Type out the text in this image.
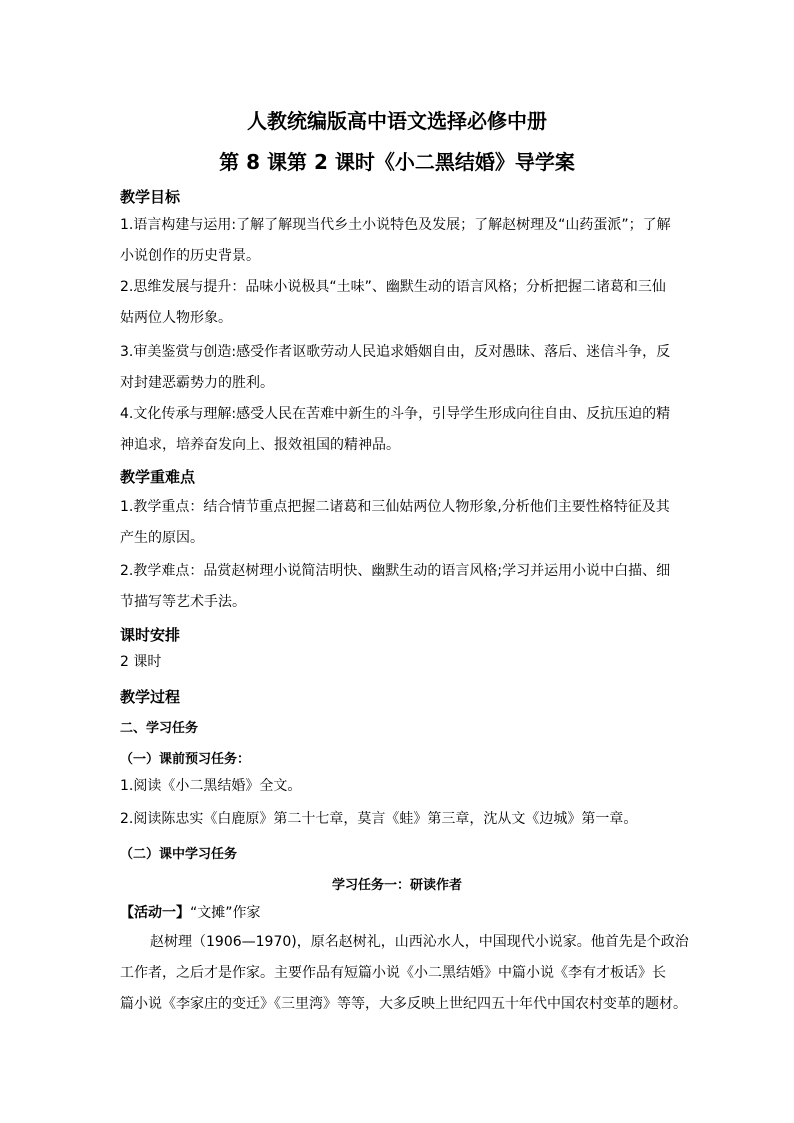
人教统编版高中语文选择必修中册
第 8 课第 2 课时《小二黑结婚》导学案
教学目标
1.语言构建与运用:了解了解现当代乡土小说特色及发展；了解赵树理及“山药蛋派”；了解
小说创作的历史背景。
2.思维发展与提升：品味小说极具“土味”、幽默生动的语言风格；分析把握二诸葛和三仙
姑两位人物形象。
3.审美鉴赏与创造:感受作者讴歌劳动人民追求婚姻自由，反对愚昧、落后、迷信斗争，反
对封建恶霸势力的胜利。
4.文化传承与理解:感受人民在苦难中新生的斗争，引导学生形成向往自由、反抗压迫的精
神追求，培养奋发向上、报效祖国的精神品。
教学重难点
1.教学重点：结合情节重点把握二诸葛和三仙姑两位人物形象,分析他们主要性格特征及其
产生的原因。
2.教学难点：品赏赵树理小说简洁明快、幽默生动的语言风格;学习并运用小说中白描、细
节描写等艺术手法。
课时安排
2 课时
教学过程
二、学习任务
（一）课前预习任务：
1.阅读《小二黑结婚》全文。
2.阅读陈忠实《白鹿原》第二十七章，莫言《蛙》第三章，沈从文《边城》第一章。
（二）课中学习任务
学习任务一：研读作者
【活动一】“文摊”作家
赵树理（1906—1970)，原名赵树礼，山西沁水人，中国现代小说家。他首先是个政治
工作者，之后才是作家。主要作品有短篇小说《小二黑结婚》中篇小说《李有才板话》长
篇小说《李家庄的变迁》《三里湾》等等，大多反映上世纪四五十年代中国农村变革的题材。
